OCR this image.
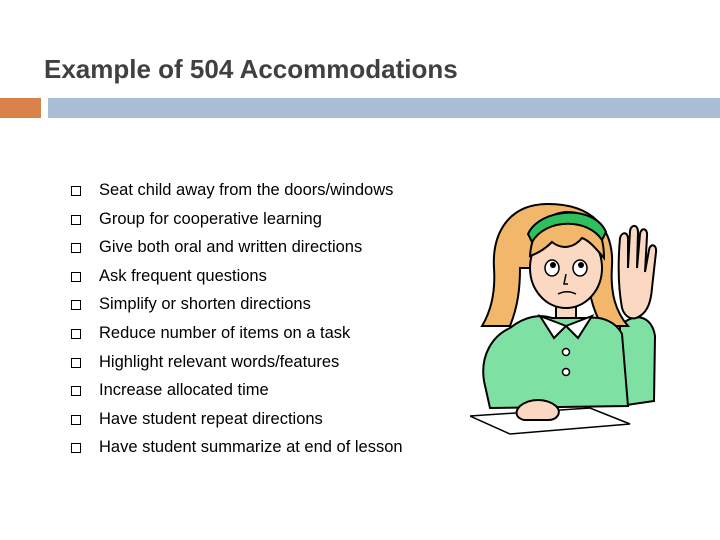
Example of 504 Accommodations
Seat child away from the doors/windows
Group for cooperative learning
Give both oral and written directions
Ask frequent questions
Simplify or shorten directions
Reduce number of items on a task
Highlight relevant words/features
Increase allocated time
Have student repeat directions
Have student summarize at end of lesson
